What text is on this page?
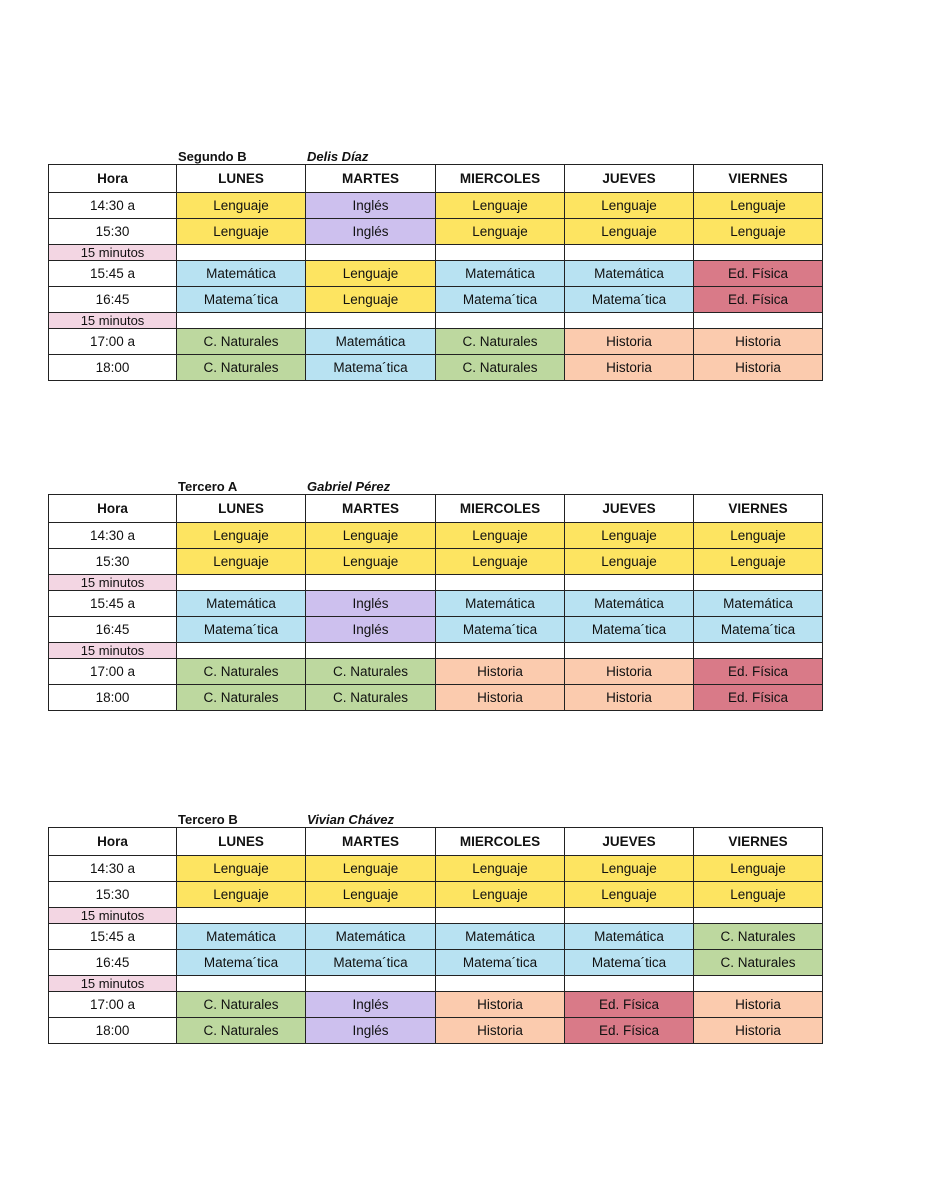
Segundo B	Delis Díaz
Hora	LUNES	MARTES	MIERCOLES	JUEVES	VIERNES
14:30 a	Lenguaje	Inglés	Lenguaje	Lenguaje	Lenguaje
15:30	Lenguaje	Inglés	Lenguaje	Lenguaje	Lenguaje
15 minutos					
15:45 a	Matemática	Lenguaje	Matemática	Matemática	Ed. Física
16:45	Matema´tica	Lenguaje	Matema´tica	Matema´tica	Ed. Física
15 minutos					
17:00 a	C. Naturales	Matemática	C. Naturales	Historia	Historia
18:00	C. Naturales	Matema´tica	C. Naturales	Historia	Historia
Tercero A	Gabriel Pérez
Hora	LUNES	MARTES	MIERCOLES	JUEVES	VIERNES
14:30 a	Lenguaje	Lenguaje	Lenguaje	Lenguaje	Lenguaje
15:30	Lenguaje	Lenguaje	Lenguaje	Lenguaje	Lenguaje
15 minutos					
15:45 a	Matemática	Inglés	Matemática	Matemática	Matemática
16:45	Matema´tica	Inglés	Matema´tica	Matema´tica	Matema´tica
15 minutos					
17:00 a	C. Naturales	C. Naturales	Historia	Historia	Ed. Física
18:00	C. Naturales	C. Naturales	Historia	Historia	Ed. Física
Tercero B	Vivian Chávez
Hora	LUNES	MARTES	MIERCOLES	JUEVES	VIERNES
14:30 a	Lenguaje	Lenguaje	Lenguaje	Lenguaje	Lenguaje
15:30	Lenguaje	Lenguaje	Lenguaje	Lenguaje	Lenguaje
15 minutos					
15:45 a	Matemática	Matemática	Matemática	Matemática	C. Naturales
16:45	Matema´tica	Matema´tica	Matema´tica	Matema´tica	C. Naturales
15 minutos					
17:00 a	C. Naturales	Inglés	Historia	Ed. Física	Historia
18:00	C. Naturales	Inglés	Historia	Ed. Física	Historia
